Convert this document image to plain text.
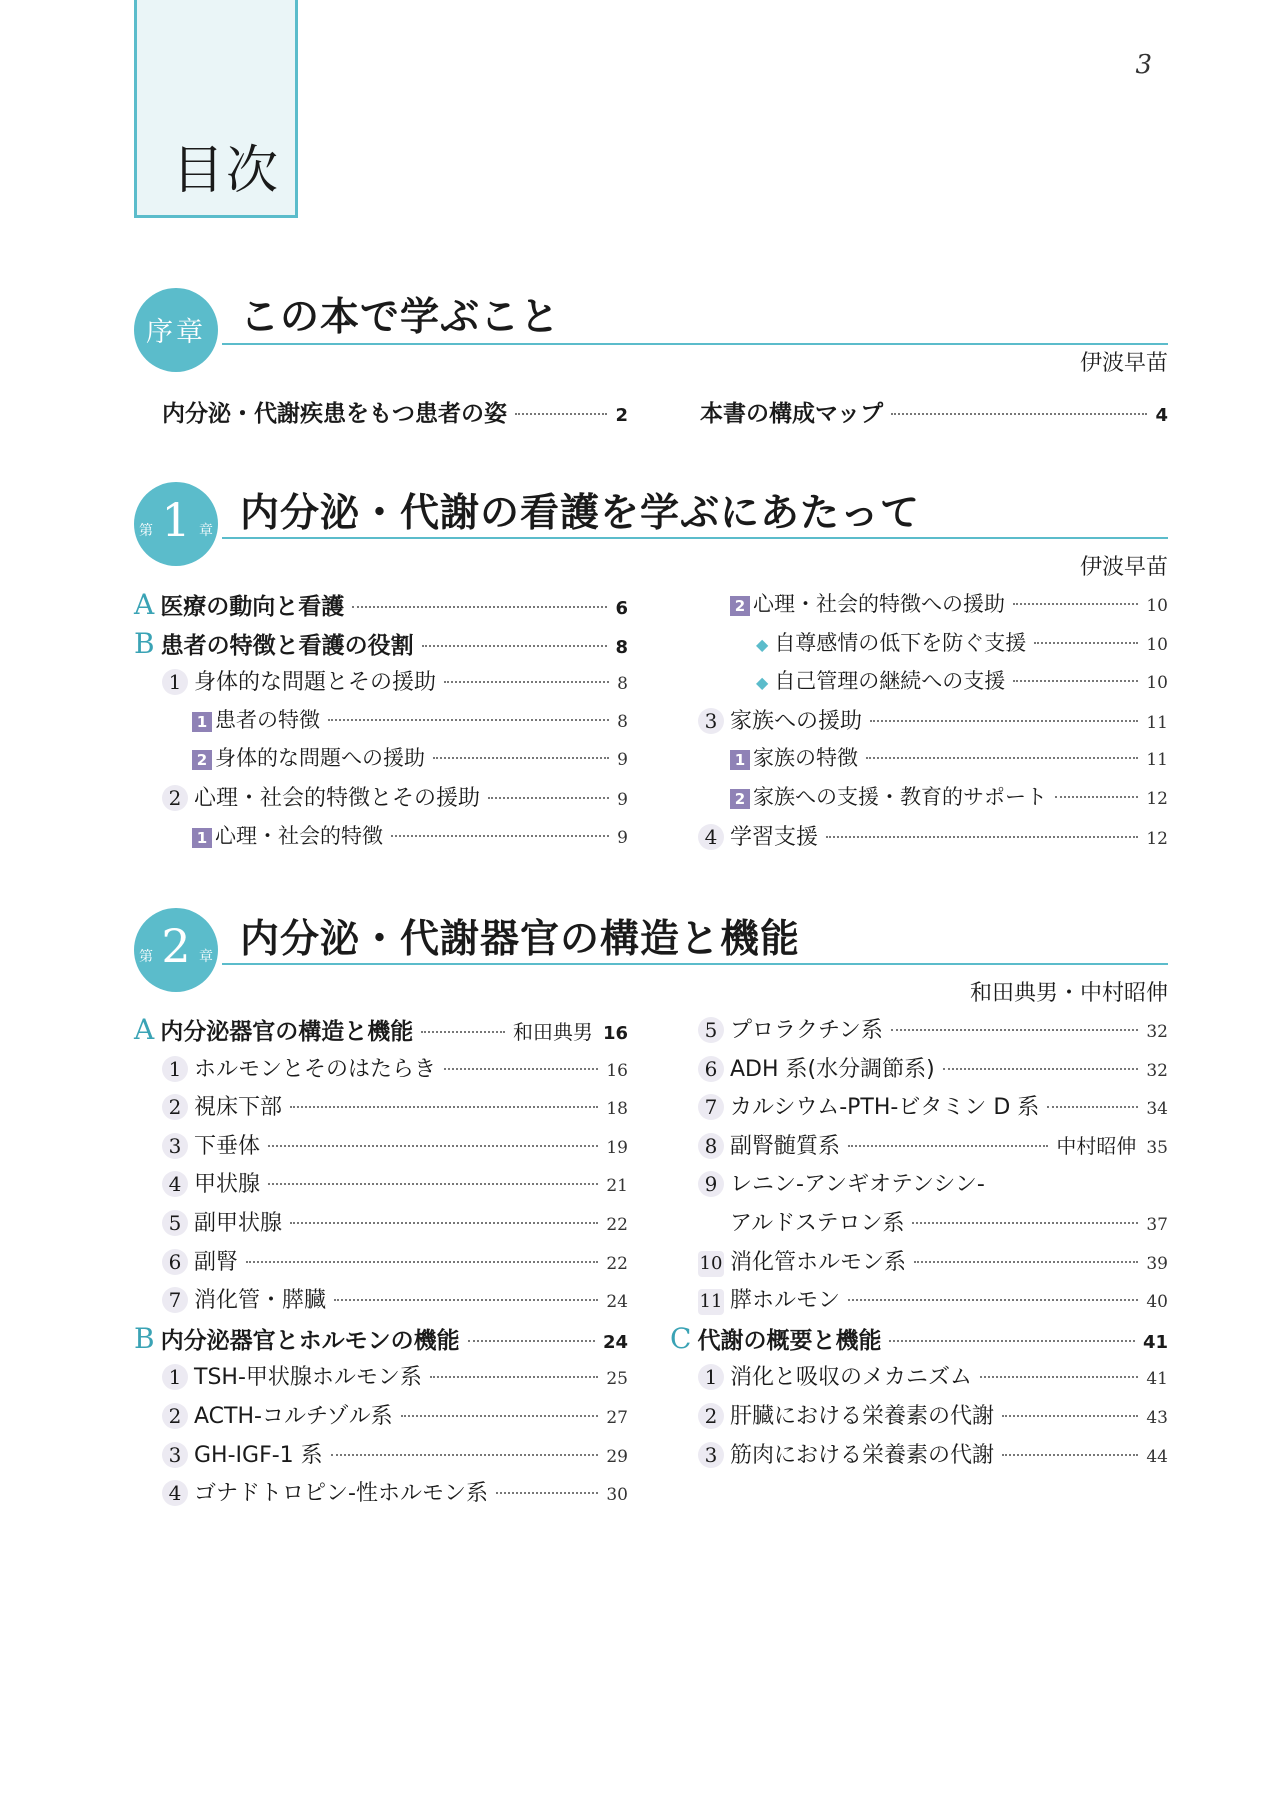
目次
3
序章 この本で学ぶこと
伊波早苗
内分泌・代謝疾患をもつ患者の姿	2	本書の構成マップ	4
第 1 章 内分泌・代謝の看護を学ぶにあたって
伊波早苗
A 医療の動向と看護	6
B 患者の特徴と看護の役割	8
1 身体的な問題とその援助	8
1 患者の特徴	8
2 身体的な問題への援助	9
2 心理・社会的特徴とその援助	9
1 心理・社会的特徴	9
2 心理・社会的特徴への援助	10
◆ 自尊感情の低下を防ぐ支援	10
◆ 自己管理の継続への支援	10
3 家族への援助	11
1 家族の特徴	11
2 家族への支援・教育的サポート	12
4 学習支援	12
第 2 章 内分泌・代謝器官の構造と機能
和田典男・中村昭伸
A 内分泌器官の構造と機能	和田典男 16
1 ホルモンとそのはたらき	16
2 視床下部	18
3 下垂体	19
4 甲状腺	21
5 副甲状腺	22
6 副腎	22
7 消化管・膵臓	24
B 内分泌器官とホルモンの機能	24
1 TSH-甲状腺ホルモン系	25
2 ACTH-コルチゾル系	27
3 GH-IGF-1 系	29
4 ゴナドトロピン-性ホルモン系	30
5 プロラクチン系	32
6 ADH 系(水分調節系)	32
7 カルシウム-PTH-ビタミン D 系	34
8 副腎髄質系	中村昭伸 35
9 レニン-アンギオテンシン-
アルドステロン系	37
10 消化管ホルモン系	39
11 膵ホルモン	40
C 代謝の概要と機能	41
1 消化と吸収のメカニズム	41
2 肝臓における栄養素の代謝	43
3 筋肉における栄養素の代謝	44
